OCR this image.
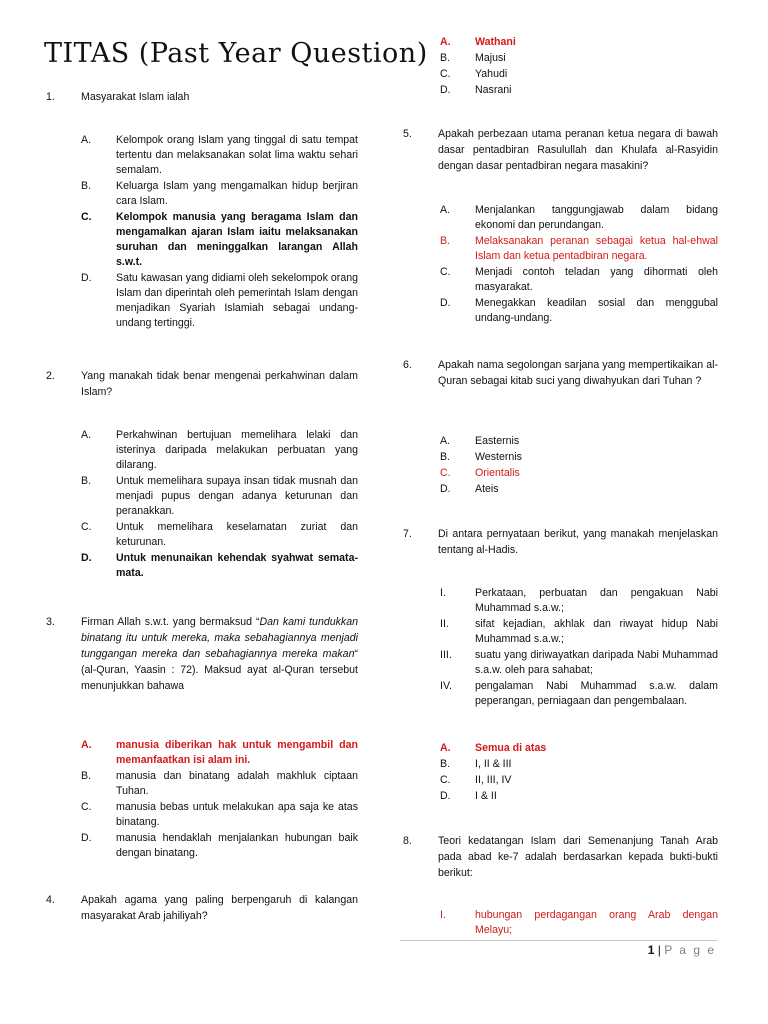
TITAS (Past Year Question)
1. Masyarakat Islam ialah
A. Kelompok orang Islam yang tinggal di satu tempat tertentu dan melaksanakan solat lima waktu sehari semalam.
B. Keluarga Islam yang mengamalkan hidup berjiran cara Islam.
C. Kelompok manusia yang beragama Islam dan mengamalkan ajaran Islam iaitu melaksanakan suruhan dan meninggalkan larangan Allah s.w.t.
D. Satu kawasan yang didiami oleh sekelompok orang Islam dan diperintah oleh pemerintah Islam dengan menjadikan Syariah Islamiah sebagai undang-undang tertinggi.
2. Yang manakah tidak benar mengenai perkahwinan dalam Islam?
A. Perkahwinan bertujuan memelihara lelaki dan isterinya daripada melakukan perbuatan yang dilarang.
B. Untuk memelihara supaya insan tidak musnah dan menjadi pupus dengan adanya keturunan dan peranakkan.
C. Untuk memelihara keselamatan zuriat dan keturunan.
D. Untuk menunaikan kehendak syahwat semata-mata.
3. Firman Allah s.w.t. yang bermaksud “Dan kami tundukkan binatang itu untuk mereka, maka sebahagiannya menjadi tunggangan mereka dan sebahagiannya mereka makan“ (al-Quran, Yaasin : 72). Maksud ayat al-Quran tersebut menunjukkan bahawa
A. manusia diberikan hak untuk mengambil dan memanfaatkan isi alam ini.
B. manusia dan binatang adalah makhluk ciptaan Tuhan.
C. manusia bebas untuk melakukan apa saja ke atas binatang.
D. manusia hendaklah menjalankan hubungan baik dengan binatang.
4. Apakah agama yang paling berpengaruh di kalangan masyarakat Arab jahiliyah?
A. Wathani
B. Majusi
C. Yahudi
D. Nasrani
5. Apakah perbezaan utama peranan ketua negara di bawah dasar pentadbiran Rasulullah dan Khulafa al-Rasyidin dengan dasar pentadbiran negara masakini?
A. Menjalankan tanggungjawab dalam bidang ekonomi dan perundangan.
B. Melaksanakan peranan sebagai ketua hal-ehwal Islam dan ketua pentadbiran negara.
C. Menjadi contoh teladan yang dihormati oleh masyarakat.
D. Menegakkan keadilan sosial dan menggubal undang-undang.
6. Apakah nama segolongan sarjana yang mempertikaikan al-Quran sebagai kitab suci yang diwahyukan dari Tuhan ?
A. Easternis
B. Westernis
C. Orientalis
D. Ateis
7. Di antara pernyataan berikut, yang manakah menjelaskan tentang al-Hadis.
I.	Perkataan, perbuatan dan pengakuan Nabi Muhammad s.a.w.;
II. sifat kejadian, akhlak dan riwayat hidup Nabi Muhammad s.a.w.;
III. suatu yang diriwayatkan daripada Nabi Muhammad s.a.w. oleh para sahabat;
IV. pengalaman Nabi Muhammad s.a.w. dalam peperangan, perniagaan dan pengembalaan.
A. Semua di atas
B. I, II & III
C. II, III, IV
D. I & II
8. Teori kedatangan Islam dari Semenanjung Tanah Arab pada abad ke-7 adalah berdasarkan kepada bukti-bukti berikut:
I.	hubungan perdagangan orang Arab dengan Melayu;
1 | P a g e
